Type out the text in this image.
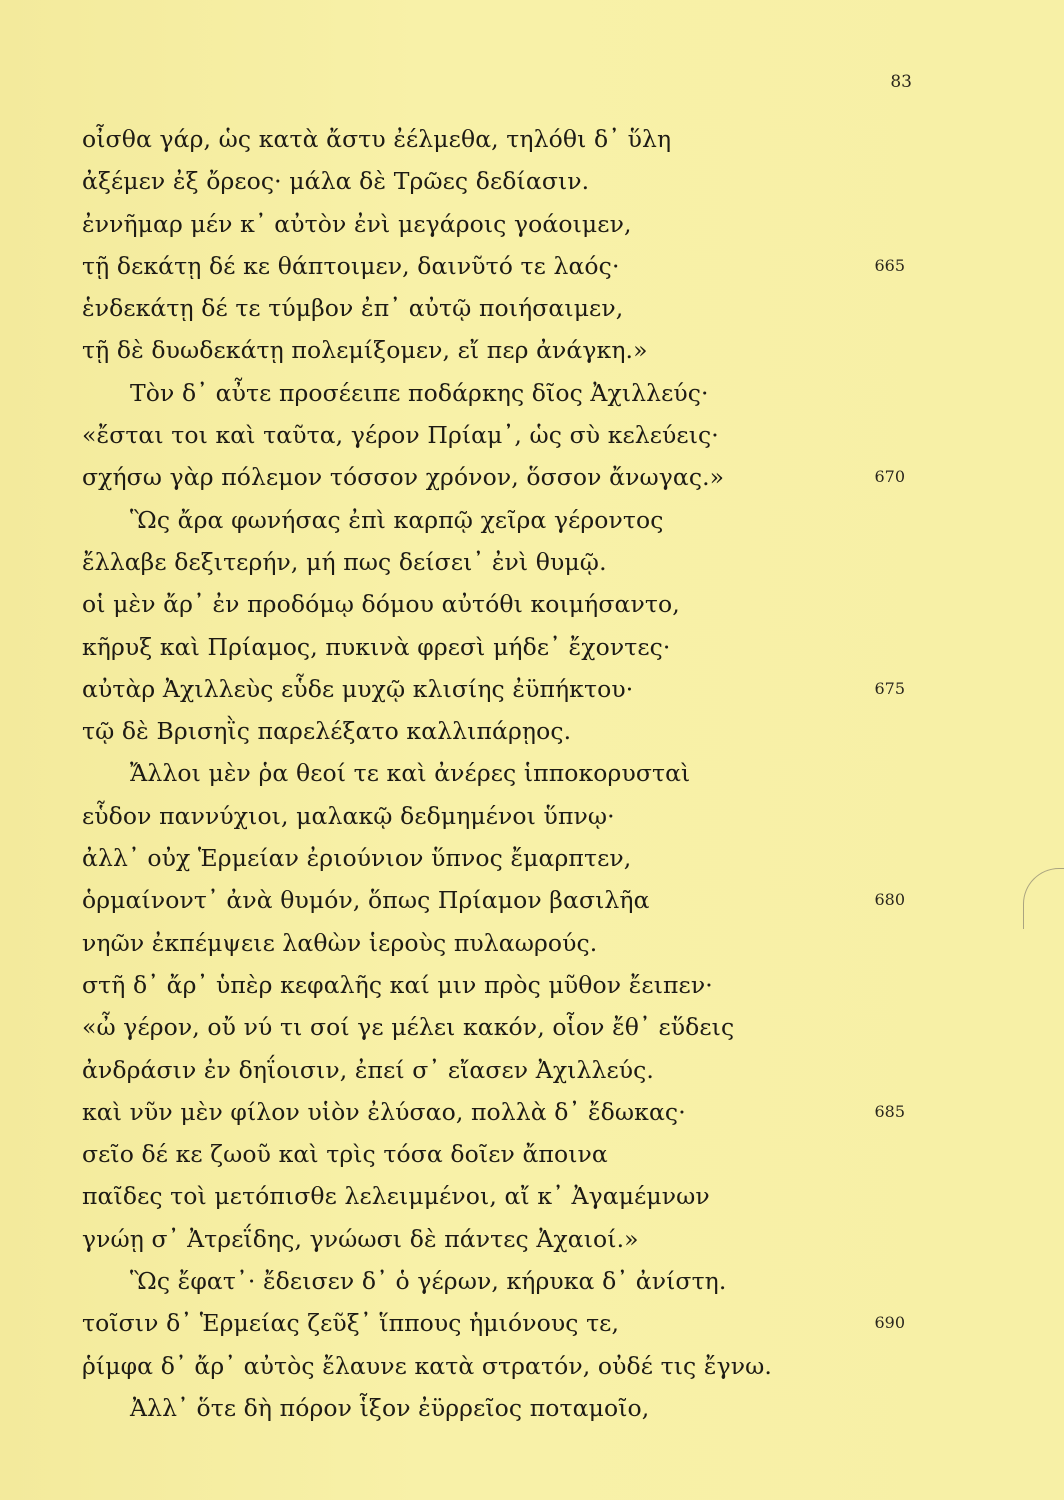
83
οἶσθα γάρ, ὡς κατὰ ἄστυ ἐέλμεθα, τηλόθι δ᾽ ὕλη
ἀξέμεν ἐξ ὄρεος· μάλα δὲ Τρῶες δεδίασιν.
ἐννῆμαρ μέν κ᾽ αὐτὸν ἐνὶ μεγάροις γοάοιμεν,
τῇ δεκάτῃ δέ κε θάπτοιμεν, δαινῦτό τε λαός·	665
ἑνδεκάτῃ δέ τε τύμβον ἐπ᾽ αὐτῷ ποιήσαιμεν,
τῇ δὲ δυωδεκάτῃ πολεμίξομεν, εἴ περ ἀνάγκη.»
Τὸν δ᾽ αὖτε προσέειπε ποδάρκης δῖος Ἀχιλλεύς·
«ἔσται τοι καὶ ταῦτα, γέρον Πρίαμ᾽, ὡς σὺ κελεύεις·
σχήσω γὰρ πόλεμον τόσσον χρόνον, ὅσσον ἄνωγας.»	670
Ὣς ἄρα φωνήσας ἐπὶ καρπῷ χεῖρα γέροντος
ἔλλαβε δεξιτερήν, μή πως δείσει᾽ ἐνὶ θυμῷ.
οἱ μὲν ἄρ᾽ ἐν προδόμῳ δόμου αὐτόθι κοιμήσαντο,
κῆρυξ καὶ Πρίαμος, πυκινὰ φρεσὶ μήδε᾽ ἔχοντες·
αὐτὰρ Ἀχιλλεὺς εὗδε μυχῷ κλισίης ἐϋπήκτου·	675
τῷ δὲ Βρισηῒς παρελέξατο καλλιπάρῃος.
Ἄλλοι μὲν ῥα θεοί τε καὶ ἀνέρες ἱπποκορυσταὶ
εὗδον παννύχιοι, μαλακῷ δεδμημένοι ὕπνῳ·
ἀλλ᾽ οὐχ Ἑρμείαν ἐριούνιον ὕπνος ἔμαρπτεν,
ὁρμαίνοντ᾽ ἀνὰ θυμόν, ὅπως Πρίαμον βασιλῆα	680
νηῶν ἐκπέμψειε λαθὼν ἱεροὺς πυλαωρούς.
στῆ δ᾽ ἄρ᾽ ὑπὲρ κεφαλῆς καί μιν πρὸς μῦθον ἔειπεν·
«ὦ γέρον, οὔ νύ τι σοί γε μέλει κακόν, οἷον ἔθ᾽ εὕδεις
ἀνδράσιν ἐν δηΐοισιν, ἐπεί σ᾽ εἴασεν Ἀχιλλεύς.
καὶ νῦν μὲν φίλον υἱὸν ἐλύσαο, πολλὰ δ᾽ ἔδωκας·	685
σεῖο δέ κε ζωοῦ καὶ τρὶς τόσα δοῖεν ἄποινα
παῖδες τοὶ μετόπισθε λελειμμένοι, αἴ κ᾽ Ἀγαμέμνων
γνώῃ σ᾽ Ἀτρεΐδης, γνώωσι δὲ πάντες Ἀχαιοί.»
Ὣς ἔφατ᾽· ἔδεισεν δ᾽ ὁ γέρων, κήρυκα δ᾽ ἀνίστη.
τοῖσιν δ᾽ Ἑρμείας ζεῦξ᾽ ἵππους ἡμιόνους τε,	690
ῥίμφα δ᾽ ἄρ᾽ αὐτὸς ἔλαυνε κατὰ στρατόν, οὐδέ τις ἔγνω.
Ἀλλ᾽ ὅτε δὴ πόρον ἷξον ἐϋρρεῖος ποταμοῖο,
